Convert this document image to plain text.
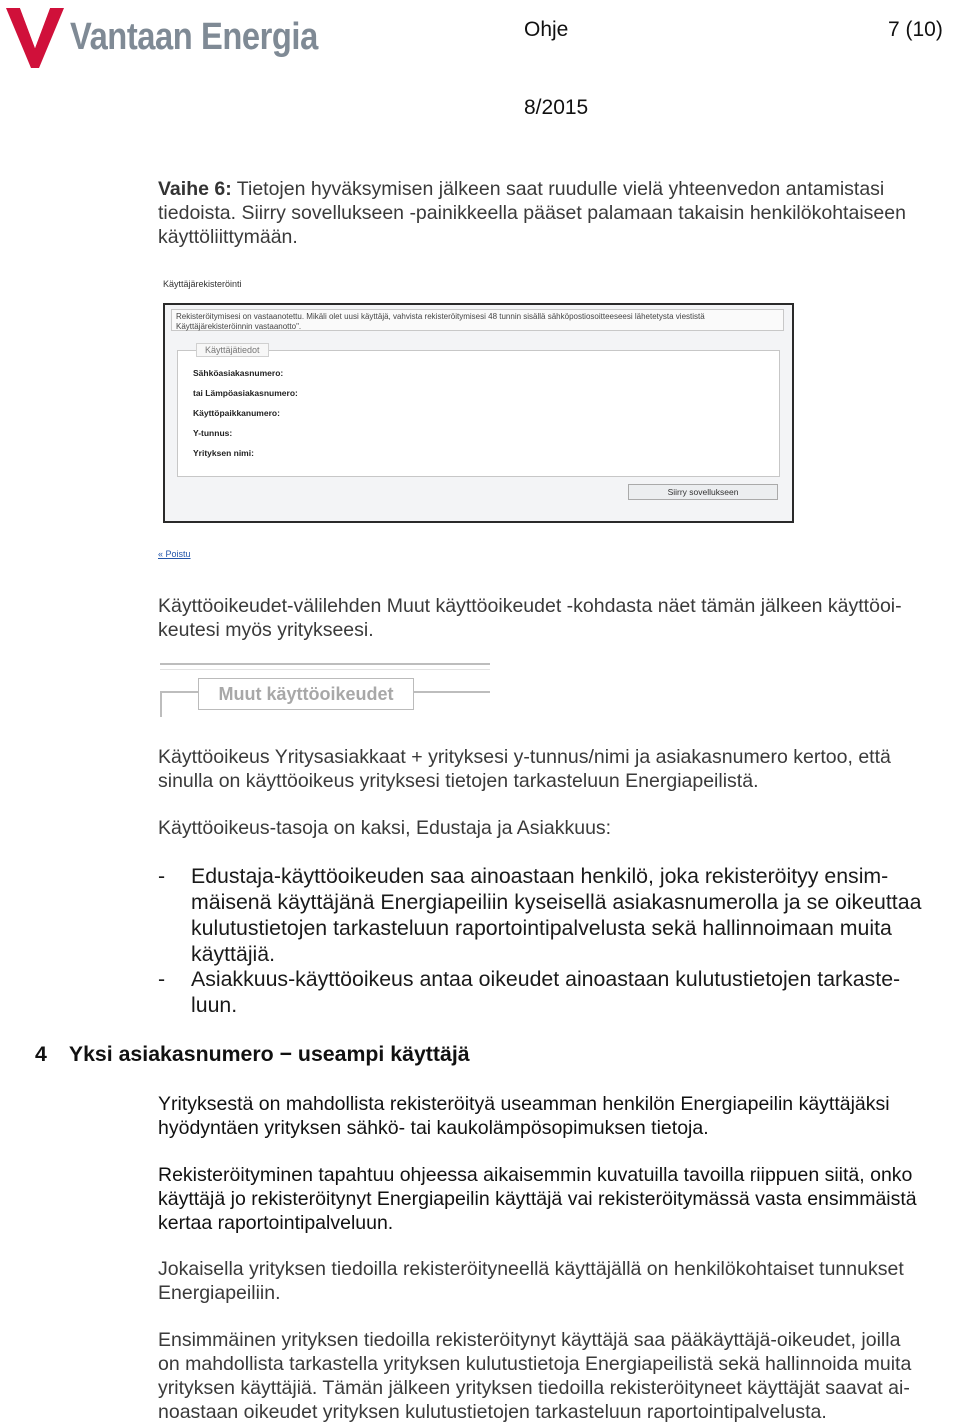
Vantaan Energia	Ohje	7 (10)
8/2015
Vaihe 6: Tietojen hyväksymisen jälkeen saat ruudulle vielä yhteenvedon antamistasi
tiedoista. Siirry sovellukseen -painikkeella pääset palamaan takaisin henkilökohtaiseen
käyttöliittymään.
Käyttäjärekisteröinti
Rekisteröitymisesi on vastaanotettu. Mikäli olet uusi käyttäjä, vahvista rekisteröitymisesi 48 tunnin sisällä sähköpostiosoitteeseesi lähetetysta viestistä
Käyttäjärekisteröinnin vastaanotto".
Käyttäjätiedot
Sähköasiakasnumero:
tai Lämpöasiakasnumero:
Käyttöpaikkanumero:
Y-tunnus:
Yrityksen nimi:
Siirry sovellukseen
« Poistu
Käyttöoikeudet-välilehden Muut käyttöoikeudet -kohdasta näet tämän jälkeen käyttöoi-
keutesi myös yritykseesi.
Muut käyttöoikeudet
Käyttöoikeus Yritysasiakkaat + yrityksesi y-tunnus/nimi ja asiakasnumero kertoo, että
sinulla on käyttöoikeus yrityksesi tietojen tarkasteluun Energiapeilistä.
Käyttöoikeus-tasoja on kaksi, Edustaja ja Asiakkuus:
- Edustaja-käyttöoikeuden saa ainoastaan henkilö, joka rekisteröityy ensim-
mäisenä käyttäjänä Energiapeiliin kyseisellä asiakasnumerolla ja se oikeuttaa
kulutustietojen tarkasteluun raportointipalvelusta sekä hallinnoimaan muita
käyttäjiä.
- Asiakkuus-käyttöoikeus antaa oikeudet ainoastaan kulutustietojen tarkaste-
luun.
4 Yksi asiakasnumero − useampi käyttäjä
Yrityksestä on mahdollista rekisteröityä useamman henkilön Energiapeilin käyttäjäksi
hyödyntäen yrityksen sähkö- tai kaukolämpösopimuksen tietoja.
Rekisteröityminen tapahtuu ohjeessa aikaisemmin kuvatuilla tavoilla riippuen siitä, onko
käyttäjä jo rekisteröitynyt Energiapeilin käyttäjä vai rekisteröitymässä vasta ensimmäistä
kertaa raportointipalveluun.
Jokaisella yrityksen tiedoilla rekisteröityneellä käyttäjällä on henkilökohtaiset tunnukset
Energiapeiliin.
Ensimmäinen yrityksen tiedoilla rekisteröitynyt käyttäjä saa pääkäyttäjä-oikeudet, joilla
on mahdollista tarkastella yrityksen kulutustietoja Energiapeilistä sekä hallinnoida muita
yrityksen käyttäjiä. Tämän jälkeen yrityksen tiedoilla rekisteröityneet käyttäjät saavat ai-
noastaan oikeudet yrityksen kulutustietojen tarkasteluun raportointipalvelusta.
